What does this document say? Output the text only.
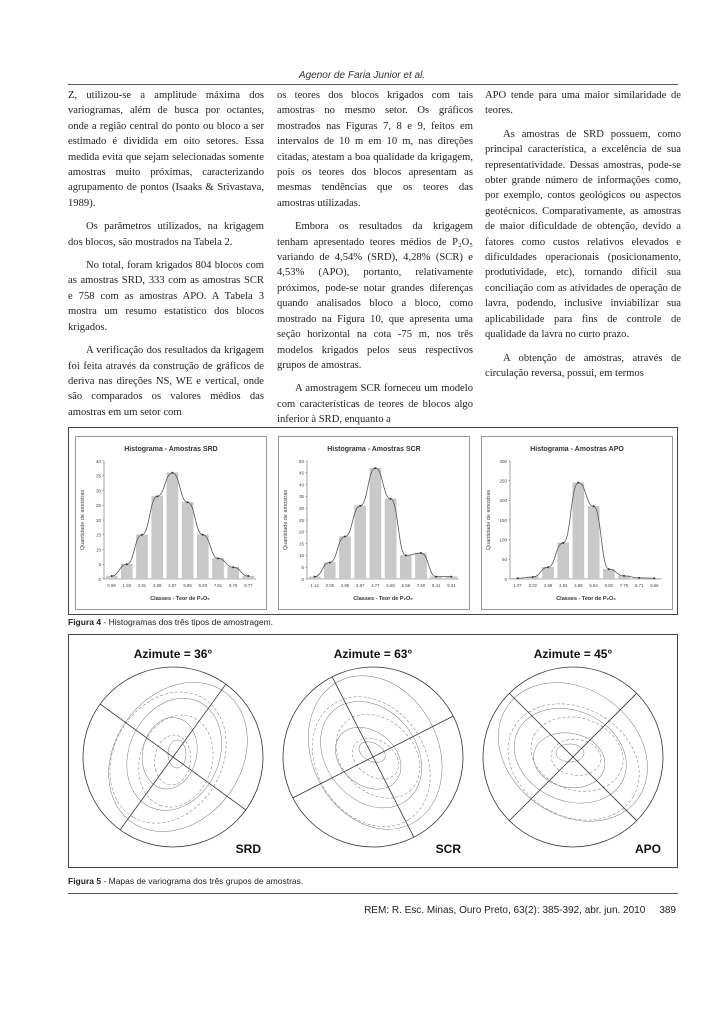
Agenor de Faria Junior et al.

Z, utilizou-se a amplitude máxima dos variogramas, além de busca por octantes, onde a região central do ponto ou bloco a ser estimado é dividida em oito setores. Essa medida evita que sejam selecionadas somente amostras muito próximas, caracterizando agrupamento de pontos (Isaaks & Srivastava, 1989).

Os parâmetros utilizados, na krigagem dos blocos, são mostrados na Tabela 2.

No total, foram krigados 804 blocos com as amostras SRD, 333 com as amostras SCR e 758 com as amostras APO. A Tabela 3 mostra um resumo estatístico dos blocos krigados.

A verificação dos resultados da krigagem foi feita através da construção de gráficos de deriva nas direções NS, WE e vertical, onde são comparados os valores médios das amostras em um setor com

os teores dos blocos krigados com tais amostras no mesmo setor. Os gráficos mostrados nas Figuras 7, 8 e 9, feitos em intervalos de 10 m em 10 m, nas direções citadas, atestam a boa qualidade da krigagem, pois os teores dos blocos apresentam as mesmas tendências que os teores das amostras utilizadas.

Embora os resultados da krigagem tenham apresentado teores médios de P₂O₅ variando de 4,54% (SRD), 4,28% (SCR) e 4,53% (APO), portanto, relativamente próximos, pode-se notar grandes diferenças quando analisados bloco a bloco, como mostrado na Figura 10, que apresenta uma seção horizontal na cota -75 m, nos três modelos krigados pelos seus respectivos grupos de amostras.

A amostragem SCR forneceu um modelo com características de teores de blocos algo inferior à SRD, enquanto a

APO tende para uma maior similaridade de teores.

As amostras de SRD possuem, como principal característica, a excelência de sua representatividade. Dessas amostras, pode-se obter grande número de informações como, por exemplo, contos geológicos ou aspectos geotécnicos. Comparativamente, as amostras de maior dificuldade de obtenção, devido a fatores como custos relativos elevados e dificuldades operacionais (posicionamento, produtividade, etc), tornando difícil sua conciliação com as atividades de operação de lavra, podendo, inclusive inviabilizar sua aplicabilidade para fins de controle de qualidade da lavra no curto prazo.

A obtenção de amostras, através de circulação reversa, possui, em termos

Histograma - Amostras SRD
Quantidade de amostras
0
5
10
15
20
25
30
35
40
0.99 1.93 2.91 3.89 4.87 5.85 6.83 7.81 8.79 9.77
Classes - Teor de P₂O₅
Histograma - Amostras SCR
Quantidade de amostras
0
5
10
15
20
25
30
35
40
45
50
1.14 2.05 2.96 3.87 4.77 5.68 6.59 7.50 8.41 9.31
Classes - Teor de P₂O₅
Histograma - Amostras APO
Quantidade de amostras
0
50
100
150
200
250
300
1.07 2.02 2.98 3.93 4.89 5.84 6.80 7.75 8.71 9.66
Classes - Teor de P₂O₅
Figura 4 - Histogramas dos três tipos de amostragem.
Azimute = 36°
SRD
Azimute = 63°
SCR
Azimute = 45°
APO
Figura 5 - Mapas de variograma dos três grupos de amostras.
REM: R. Esc. Minas, Ouro Preto, 63(2): 385-392, abr. jun. 2010 389
